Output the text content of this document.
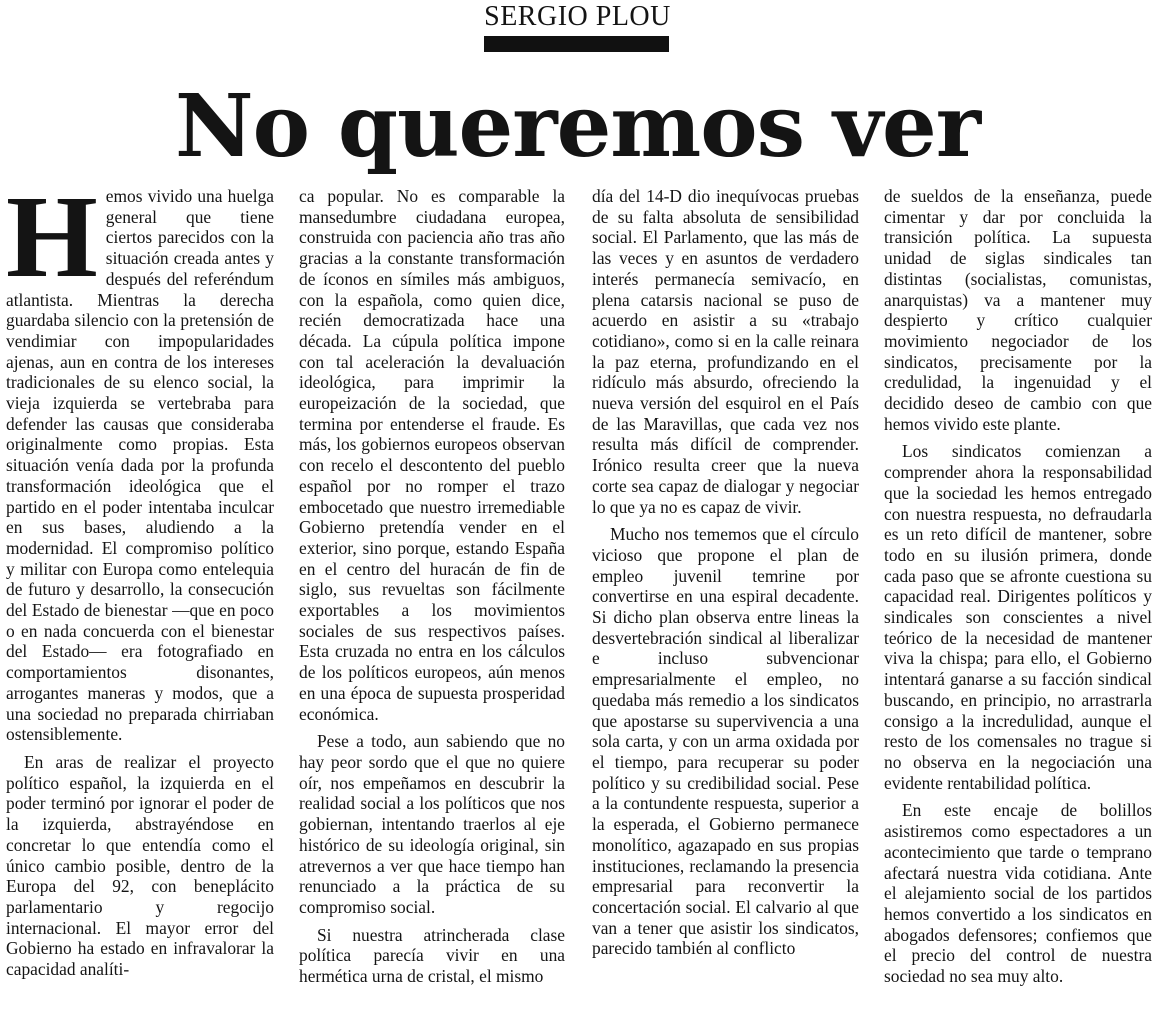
SERGIO PLOU
No queremos ver

Hemos vivido una huelga general que tiene ciertos parecidos con la situación creada antes y después del referéndum atlantista. Mientras la derecha guardaba silencio con la pretensión de vendimiar con impopularidades ajenas, aun en contra de los intereses tradicionales de su elenco social, la vieja izquierda se vertebraba para defender las causas que consideraba originalmente como propias. Esta situación venía dada por la profunda transformación ideológica que el partido en el poder intentaba inculcar en sus bases, aludiendo a la modernidad. El compromiso político y militar con Europa como entelequia de futuro y desarrollo, la consecución del Estado de bienestar —que en poco o en nada concuerda con el bienestar del Estado— era fotografiado en comportamientos disonantes, arrogantes maneras y modos, que a una sociedad no preparada chirriaban ostensiblemente.

En aras de realizar el proyecto político español, la izquierda en el poder terminó por ignorar el poder de la izquierda, abstrayéndose en concretar lo que entendía como el único cambio posible, dentro de la Europa del 92, con beneplácito parlamentario y regocijo internacional. El mayor error del Gobierno ha estado en infravalorar la capacidad analíti-

ca popular. No es comparable la mansedumbre ciudadana europea, construida con paciencia año tras año gracias a la constante transformación de íconos en símiles más ambiguos, con la española, como quien dice, recién democratizada hace una década. La cúpula política impone con tal aceleración la devaluación ideológica, para imprimir la europeización de la sociedad, que termina por entenderse el fraude. Es más, los gobiernos europeos observan con recelo el descontento del pueblo español por no romper el trazo embocetado que nuestro irremediable Gobierno pretendía vender en el exterior, sino porque, estando España en el centro del huracán de fin de siglo, sus revueltas son fácilmente exportables a los movimientos sociales de sus respectivos países. Esta cruzada no entra en los cálculos de los políticos europeos, aún menos en una época de supuesta prosperidad económica.

Pese a todo, aun sabiendo que no hay peor sordo que el que no quiere oír, nos empeñamos en descubrir la realidad social a los políticos que nos gobiernan, intentando traerlos al eje histórico de su ideología original, sin atrevernos a ver que hace tiempo han renunciado a la práctica de su compromiso social.

Si nuestra atrincherada clase política parecía vivir en una hermética urna de cristal, el mismo

día del 14-D dio inequívocas pruebas de su falta absoluta de sensibilidad social. El Parlamento, que las más de las veces y en asuntos de verdadero interés permanecía semivacío, en plena catarsis nacional se puso de acuerdo en asistir a su «trabajo cotidiano», como si en la calle reinara la paz eterna, profundizando en el ridículo más absurdo, ofreciendo la nueva versión del esquirol en el País de las Maravillas, que cada vez nos resulta más difícil de comprender. Irónico resulta creer que la nueva corte sea capaz de dialogar y negociar lo que ya no es capaz de vivir.

Mucho nos tememos que el círculo vicioso que propone el plan de empleo juvenil temrine por convertirse en una espiral decadente. Si dicho plan observa entre lineas la desvertebración sindical al liberalizar e incluso subvencionar empresarialmente el empleo, no quedaba más remedio a los sindicatos que apostarse su supervivencia a una sola carta, y con un arma oxidada por el tiempo, para recuperar su poder político y su credibilidad social. Pese a la contundente respuesta, superior a la esperada, el Gobierno permanece monolítico, agazapado en sus propias instituciones, reclamando la presencia empresarial para reconvertir la concertación social. El calvario al que van a tener que asistir los sindicatos, parecido también al conflicto

de sueldos de la enseñanza, puede cimentar y dar por concluida la transición política. La supuesta unidad de siglas sindicales tan distintas (socialistas, comunistas, anarquistas) va a mantener muy despierto y crítico cualquier movimiento negociador de los sindicatos, precisamente por la credulidad, la ingenuidad y el decidido deseo de cambio con que hemos vivido este plante.

Los sindicatos comienzan a comprender ahora la responsabilidad que la sociedad les hemos entregado con nuestra respuesta, no defraudarla es un reto difícil de mantener, sobre todo en su ilusión primera, donde cada paso que se afronte cuestiona su capacidad real. Dirigentes políticos y sindicales son conscientes a nivel teórico de la necesidad de mantener viva la chispa; para ello, el Gobierno intentará ganarse a su facción sindical buscando, en principio, no arrastrarla consigo a la incredulidad, aunque el resto de los comensales no trague si no observa en la negociación una evidente rentabilidad política.

En este encaje de bolillos asistiremos como espectadores a un acontecimiento que tarde o temprano afectará nuestra vida cotidiana. Ante el alejamiento social de los partidos hemos convertido a los sindicatos en abogados defensores; confiemos que el precio del control de nuestra sociedad no sea muy alto.
